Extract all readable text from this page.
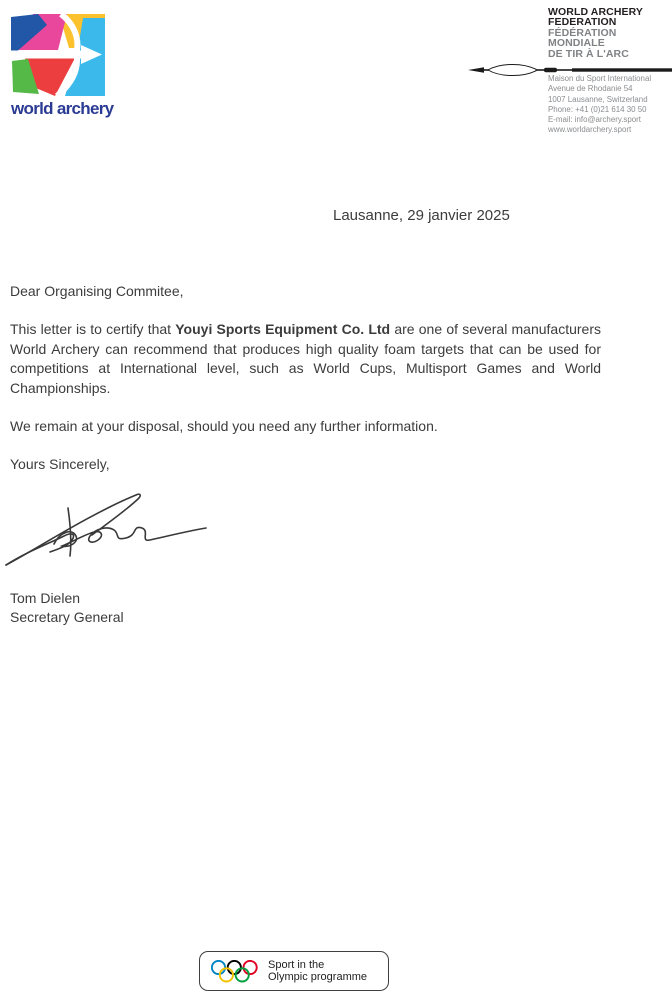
world archery
WORLD ARCHERY
FEDERATION
FÉDÉRATION
MONDIALE
DE TIR À L'ARC
Maison du Sport International
Avenue de Rhodanie 54
1007 Lausanne, Switzerland
Phone: +41 (0)21 614 30 50
E-mail: info@archery.sport
www.worldarchery.sport
Lausanne, 29 janvier 2025
Dear Organising Commitee,

This letter is to certify that Youyi Sports Equipment Co. Ltd are one of several manufacturers World Archery can recommend that produces high quality foam targets that can be used for competitions at International level, such as World Cups, Multisport Games and World Championships.

We remain at your disposal, should you need any further information.

Yours Sincerely,

Tom Dielen
Secretary General
Sport in the
Olympic programme
